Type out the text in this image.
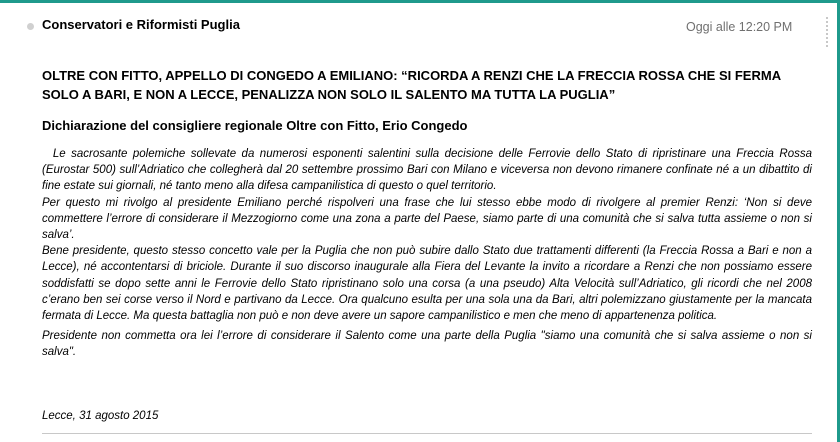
Conservatori e Riformisti Puglia	Oggi alle 12:20 PM
OLTRE CON FITTO, APPELLO DI CONGEDO A EMILIANO: “RICORDA A RENZI CHE LA FRECCIA ROSSA CHE SI FERMA SOLO A BARI, E NON A LECCE, PENALIZZA NON SOLO IL SALENTO MA TUTTA LA PUGLIA”
Dichiarazione del consigliere regionale Oltre con Fitto, Erio Congedo

Le sacrosante polemiche sollevate da numerosi esponenti salentini sulla decisione delle Ferrovie dello Stato di ripristinare una Freccia Rossa (Eurostar 500) sull’Adriatico che collegherà dal 20 settembre prossimo Bari con Milano e viceversa non devono rimanere confinate né a un dibattito di fine estate sui giornali, né tanto meno alla difesa campanilistica di questo o quel territorio.

Per questo mi rivolgo al presidente Emiliano perché rispolveri una frase che lui stesso ebbe modo di rivolgere al premier Renzi: ‘Non si deve commettere l’errore di considerare il Mezzogiorno come una zona a parte del Paese, siamo parte di una comunità che si salva tutta assieme o non si salva’.

Bene presidente, questo stesso concetto vale per la Puglia che non può subire dallo Stato due trattamenti differenti (la Freccia Rossa a Bari e non a Lecce), né accontentarsi di briciole. Durante il suo discorso inaugurale alla Fiera del Levante la invito a ricordare a Renzi che non possiamo essere soddisfatti se dopo sette anni le Ferrovie dello Stato ripristinano solo una corsa (a una pseudo) Alta Velocità sull’Adriatico, gli ricordi che nel 2008 c’erano ben sei corse verso il Nord e partivano da Lecce. Ora qualcuno esulta per una sola una da Bari, altri polemizzano giustamente per la mancata fermata di Lecce. Ma questa battaglia non può e non deve avere un sapore campanilistico e men che meno di appartenenza politica.

Presidente non commetta ora lei l’errore di considerare il Salento come una parte della Puglia "siamo una comunità che si salva assieme o non si salva".

Lecce, 31 agosto 2015
